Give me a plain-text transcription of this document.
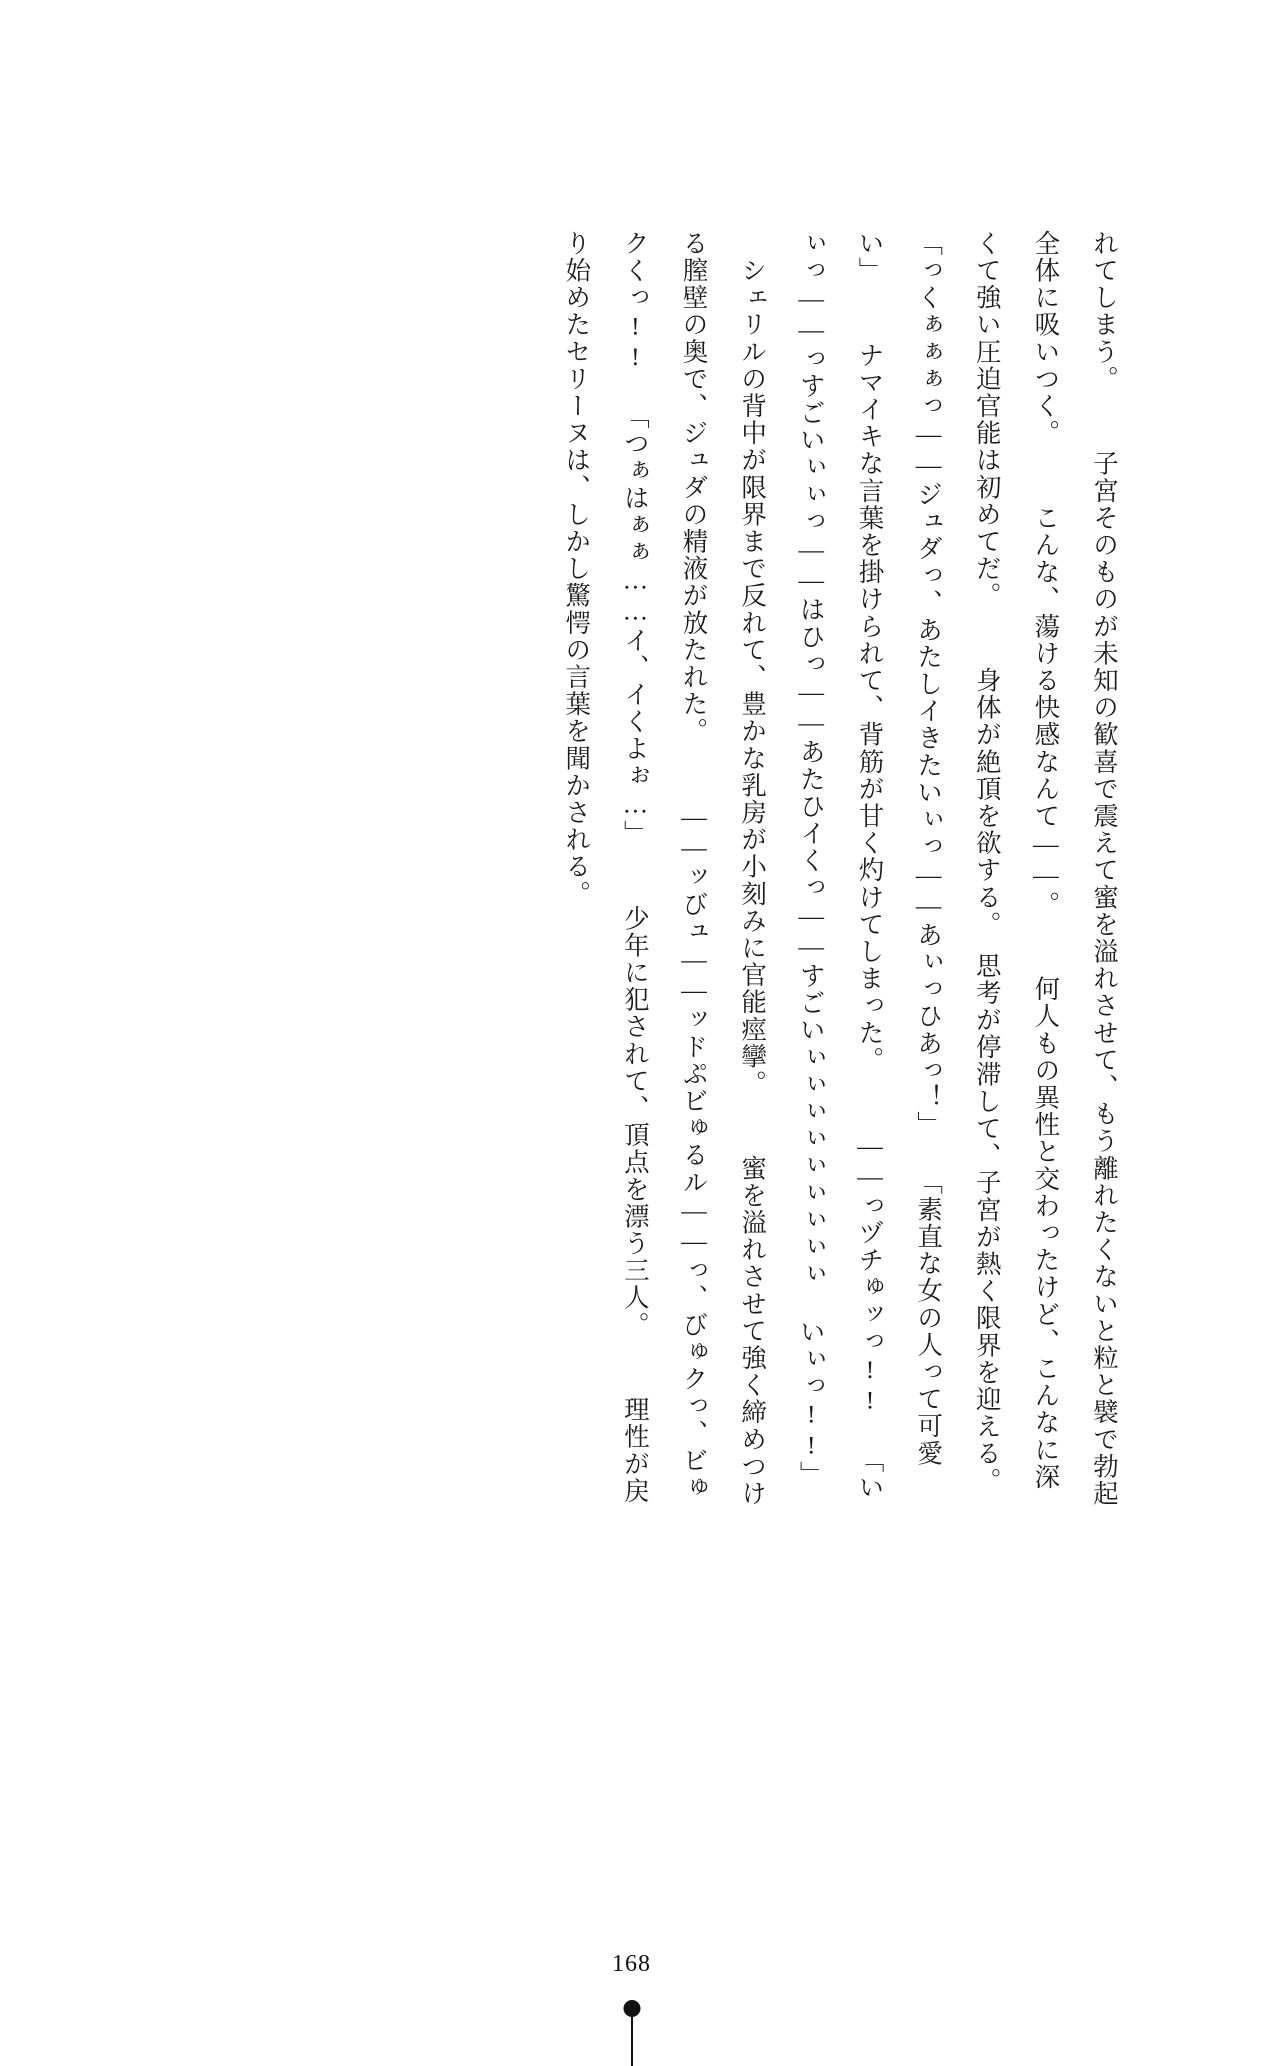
れてしまう。 　子宮そのものが未知の歓喜で震えて蜜を溢れさせて、もう離れたくないと粒と襞で勃起 全体に吸いつく。 　こんな、蕩ける快感なんて――。 　何人もの異性と交わったけど、こんなに深くて強い圧迫官能は初めてだ。 　身体が絶頂を欲する。　思考が停滞して、子宮が熱く限界を迎える。 「っくぁぁぁっ――ジュダっ、あたしイきたいぃっ――あぃっひあっ！」 「素直な女の人って可愛い」 　ナマイキな言葉を掛けられて、背筋が甘く灼けてしまった。 　――っヅチゅッっ!! 「いぃっ――っすごいぃぃっ――はひっ――あたひイくっ――すごいぃぃぃぃぃぃぃぃぃ いぃっ!!」 　シェリルの背中が限界まで反れて、豊かな乳房が小刻みに官能痙攣。 　蜜を溢れさせて強く締めつける膣壁の奥で、ジュダの精液が放たれた。 　――ッびュ――ッドぷビゅるル――っ、びゅクっ、ビゅクくっ!! 「つぁはぁぁ……イ、イくよぉ…」 　少年に犯されて、頂点を漂う三人。 　理性が戻り始めたセリーヌは、しかし驚愕の言葉を聞かされる。
168
